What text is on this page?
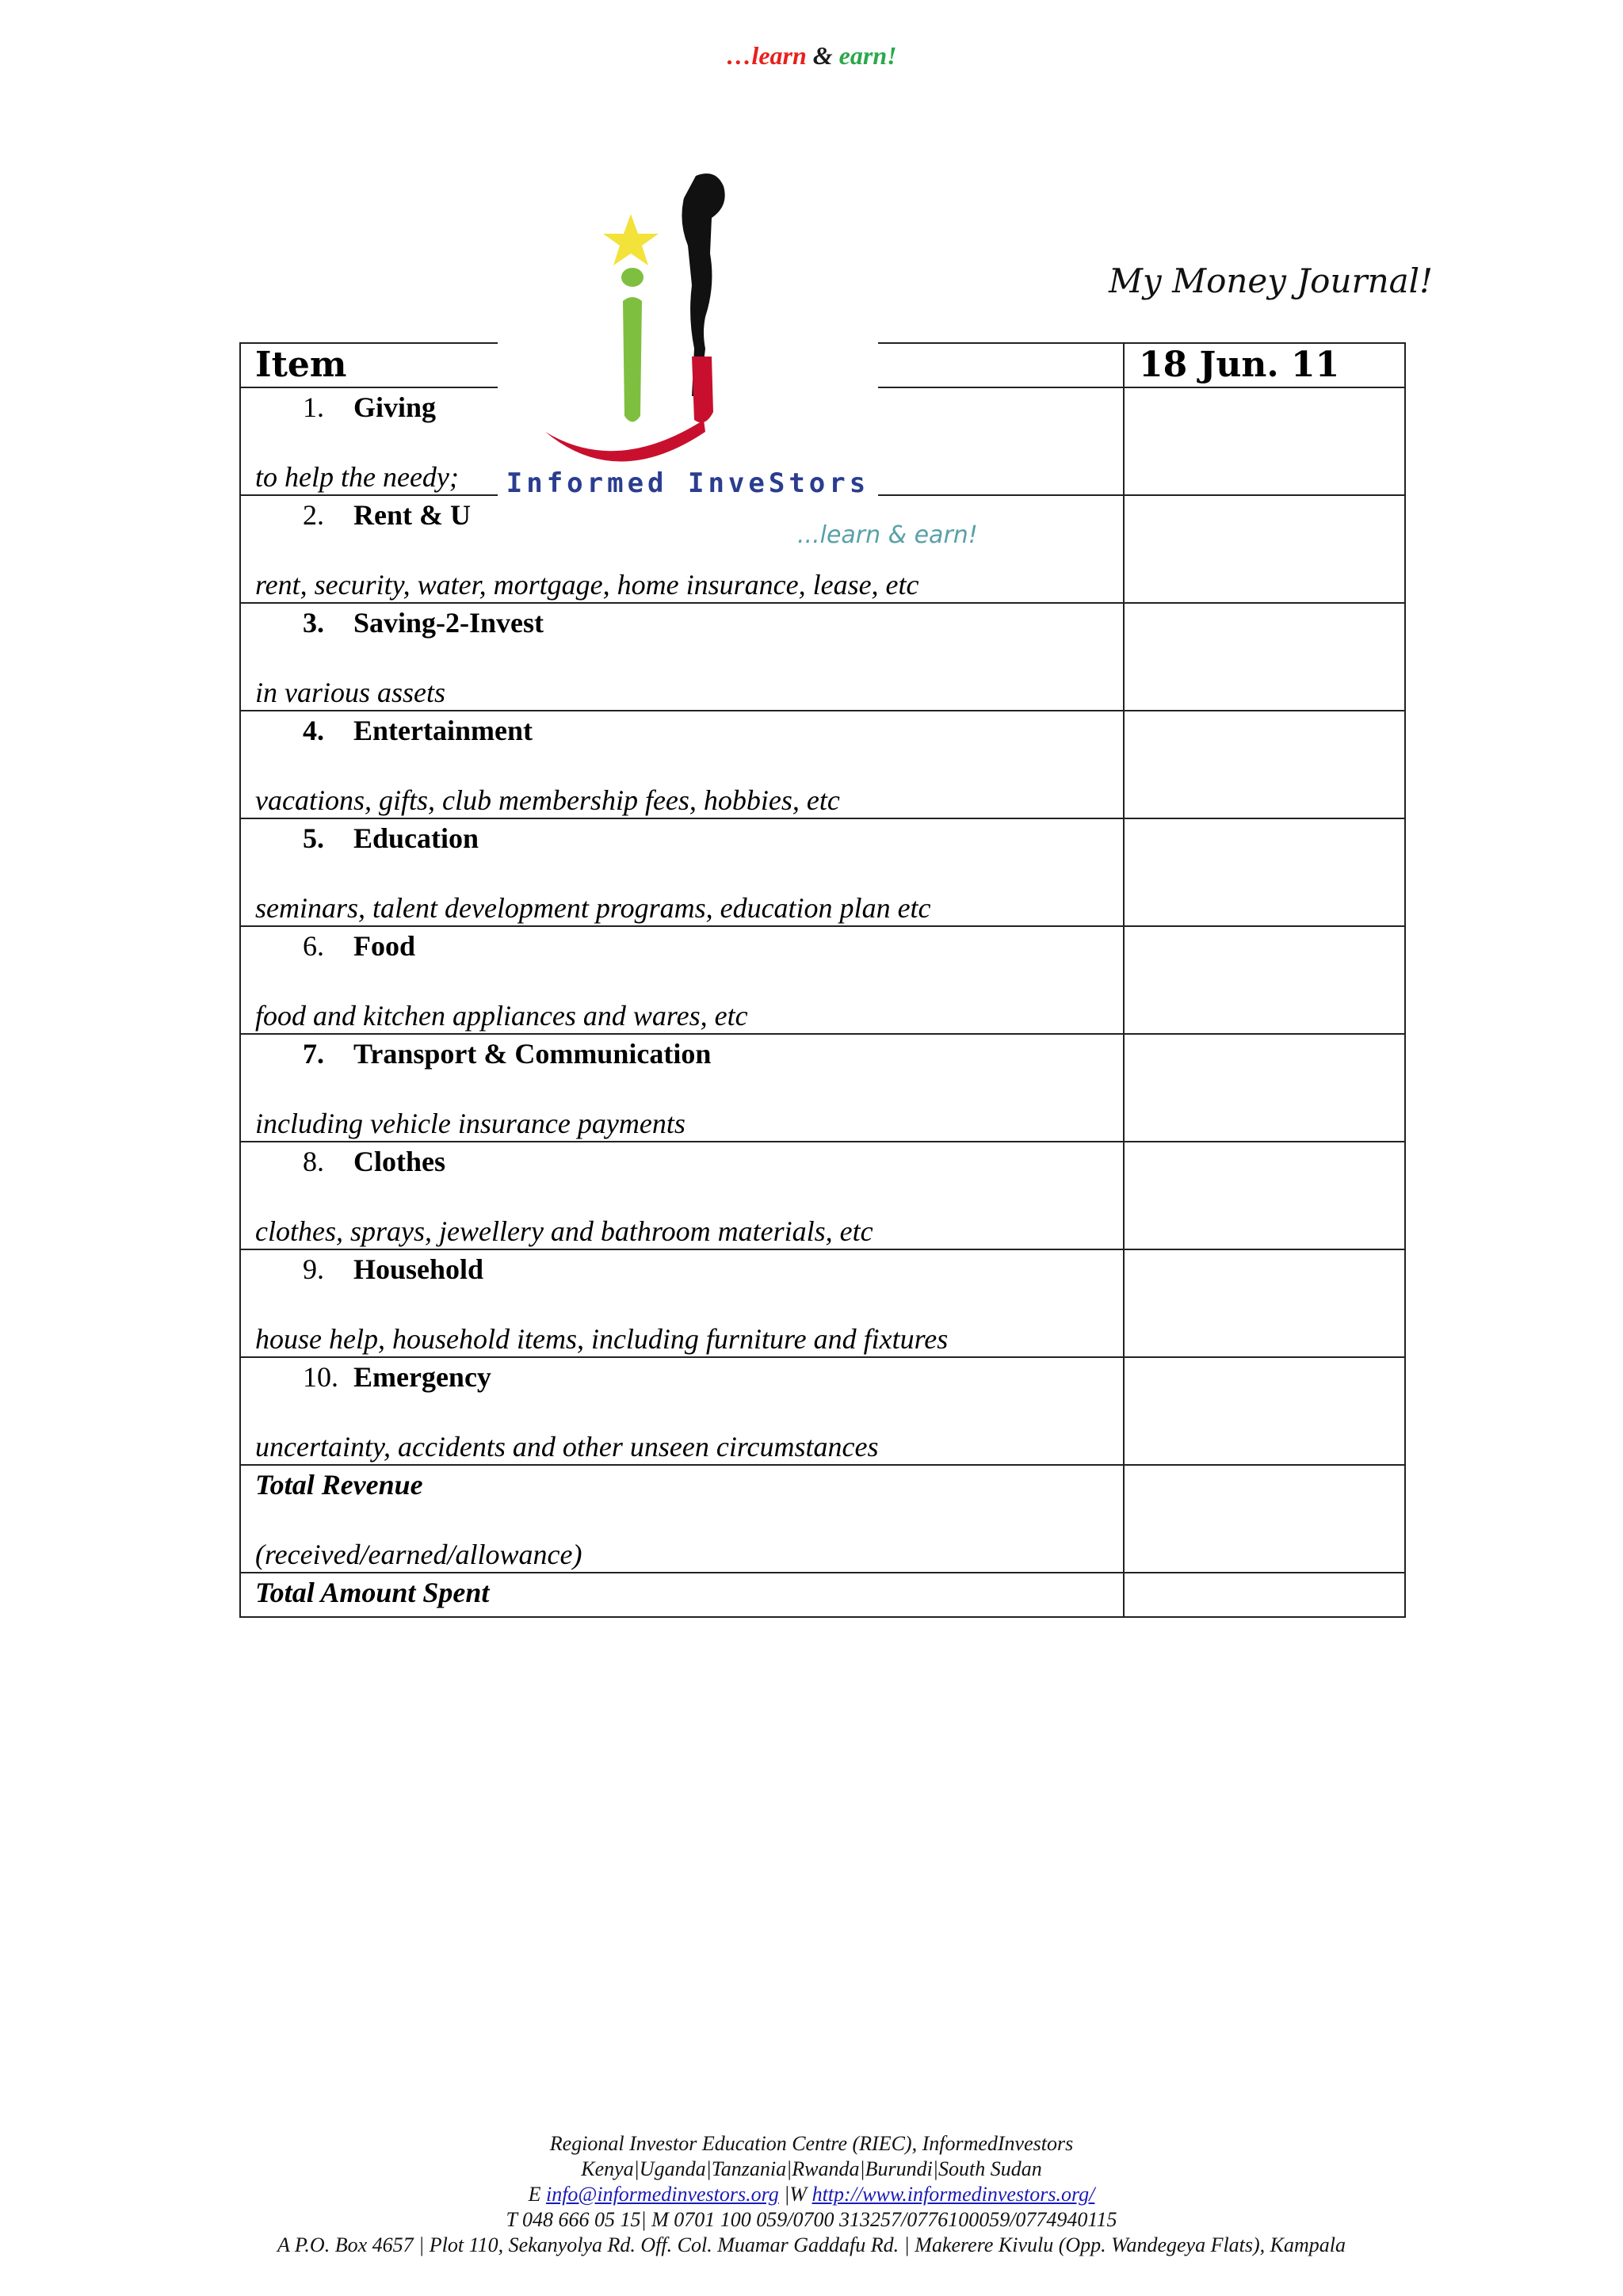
…learn & earn!
My Money Journal!
Item	18 Jun. 11

1. Giving
to help the needy;	

2. Rent & U
rent, security, water, mortgage, home insurance, lease, etc	

3. Saving-2-Invest
in various assets	

4. Entertainment
vacations, gifts, club membership fees, hobbies, etc	

5. Education
seminars, talent development programs, education plan etc	

6. Food
food and kitchen appliances and wares, etc	

7. Transport & Communication
including vehicle insurance payments	

8. Clothes
clothes, sprays, jewellery and bathroom materials, etc	

9. Household
house help, household items, including furniture and fixtures	

10. Emergency
uncertainty, accidents and other unseen circumstances	

Total Revenue
(received/earned/allowance)	

Total Amount Spent	

Informed InveStors
...learn & earn!
Regional Investor Education Centre (RIEC), InformedInvestors
Kenya|Uganda|Tanzania|Rwanda|Burundi|South Sudan
E info@informedinvestors.org |W http://www.informedinvestors.org/
T 048 666 05 15| M 0701 100 059/0700 313257/0776100059/0774940115
A P.O. Box 4657 | Plot 110, Sekanyolya Rd. Off. Col. Muamar Gaddafu Rd. | Makerere Kivulu (Opp. Wandegeya Flats), Kampala
